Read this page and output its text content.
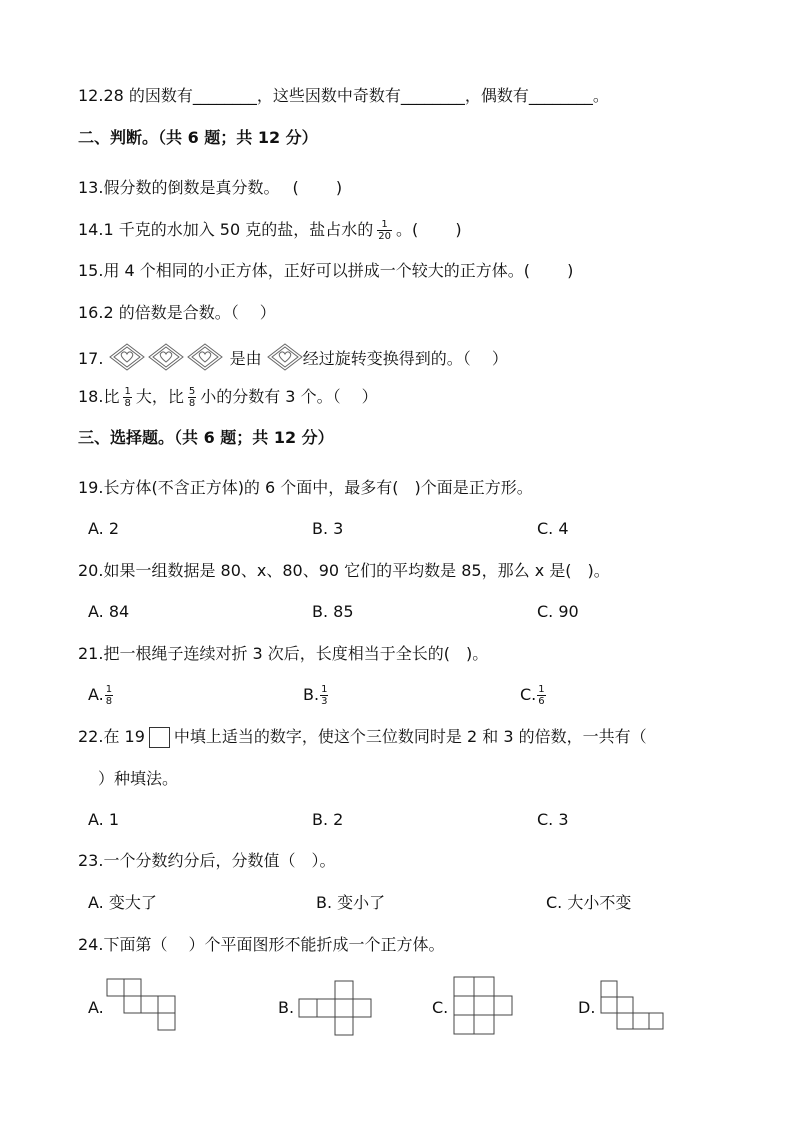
12.28 的因数有________，这些因数中奇数有________，偶数有________。
二、判断。（共 6 题；共 12 分）
13.假分数的倒数是真分数。　 (　　 )
14.1 千克的水加入 50 克的盐，盐占水的 $\frac{1}{20}$ 。(　　 )
15.用 4 个相同的小正方体，正好可以拼成一个较大的正方体。(　　 )
16.2 的倍数是合数。（　 ）
17.	是由	经过旋转变换得到的。（　 ）
18.比 $\frac{1}{8}$ 大，比 $\frac{5}{8}$ 小的分数有 3 个。（　 ）
三、选择题。（共 6 题；共 12 分）
19.长方体(不含正方体)的 6 个面中，最多有(　)个面是正方形。
A. 2	B. 3	C. 4
20.如果一组数据是 80、x、80、90 它们的平均数是 85，那么 x 是(　)。
A. 84	B. 85	C. 90
21.把一根绳子连续对折 3 次后，长度相当于全长的(　)。
A. $\frac{1}{8}$	B. $\frac{1}{3}$	C. $\frac{1}{6}$
22.在 19 中填上适当的数字，使这个三位数同时是 2 和 3 的倍数，一共有（
）种填法。
A. 1	B. 2	C. 3
23.一个分数约分后，分数值（　）。
A. 变大了	B. 变小了	C. 大小不变
24.下面第（　 ）个平面图形不能折成一个正方体。
A.	B.	C.	D.
